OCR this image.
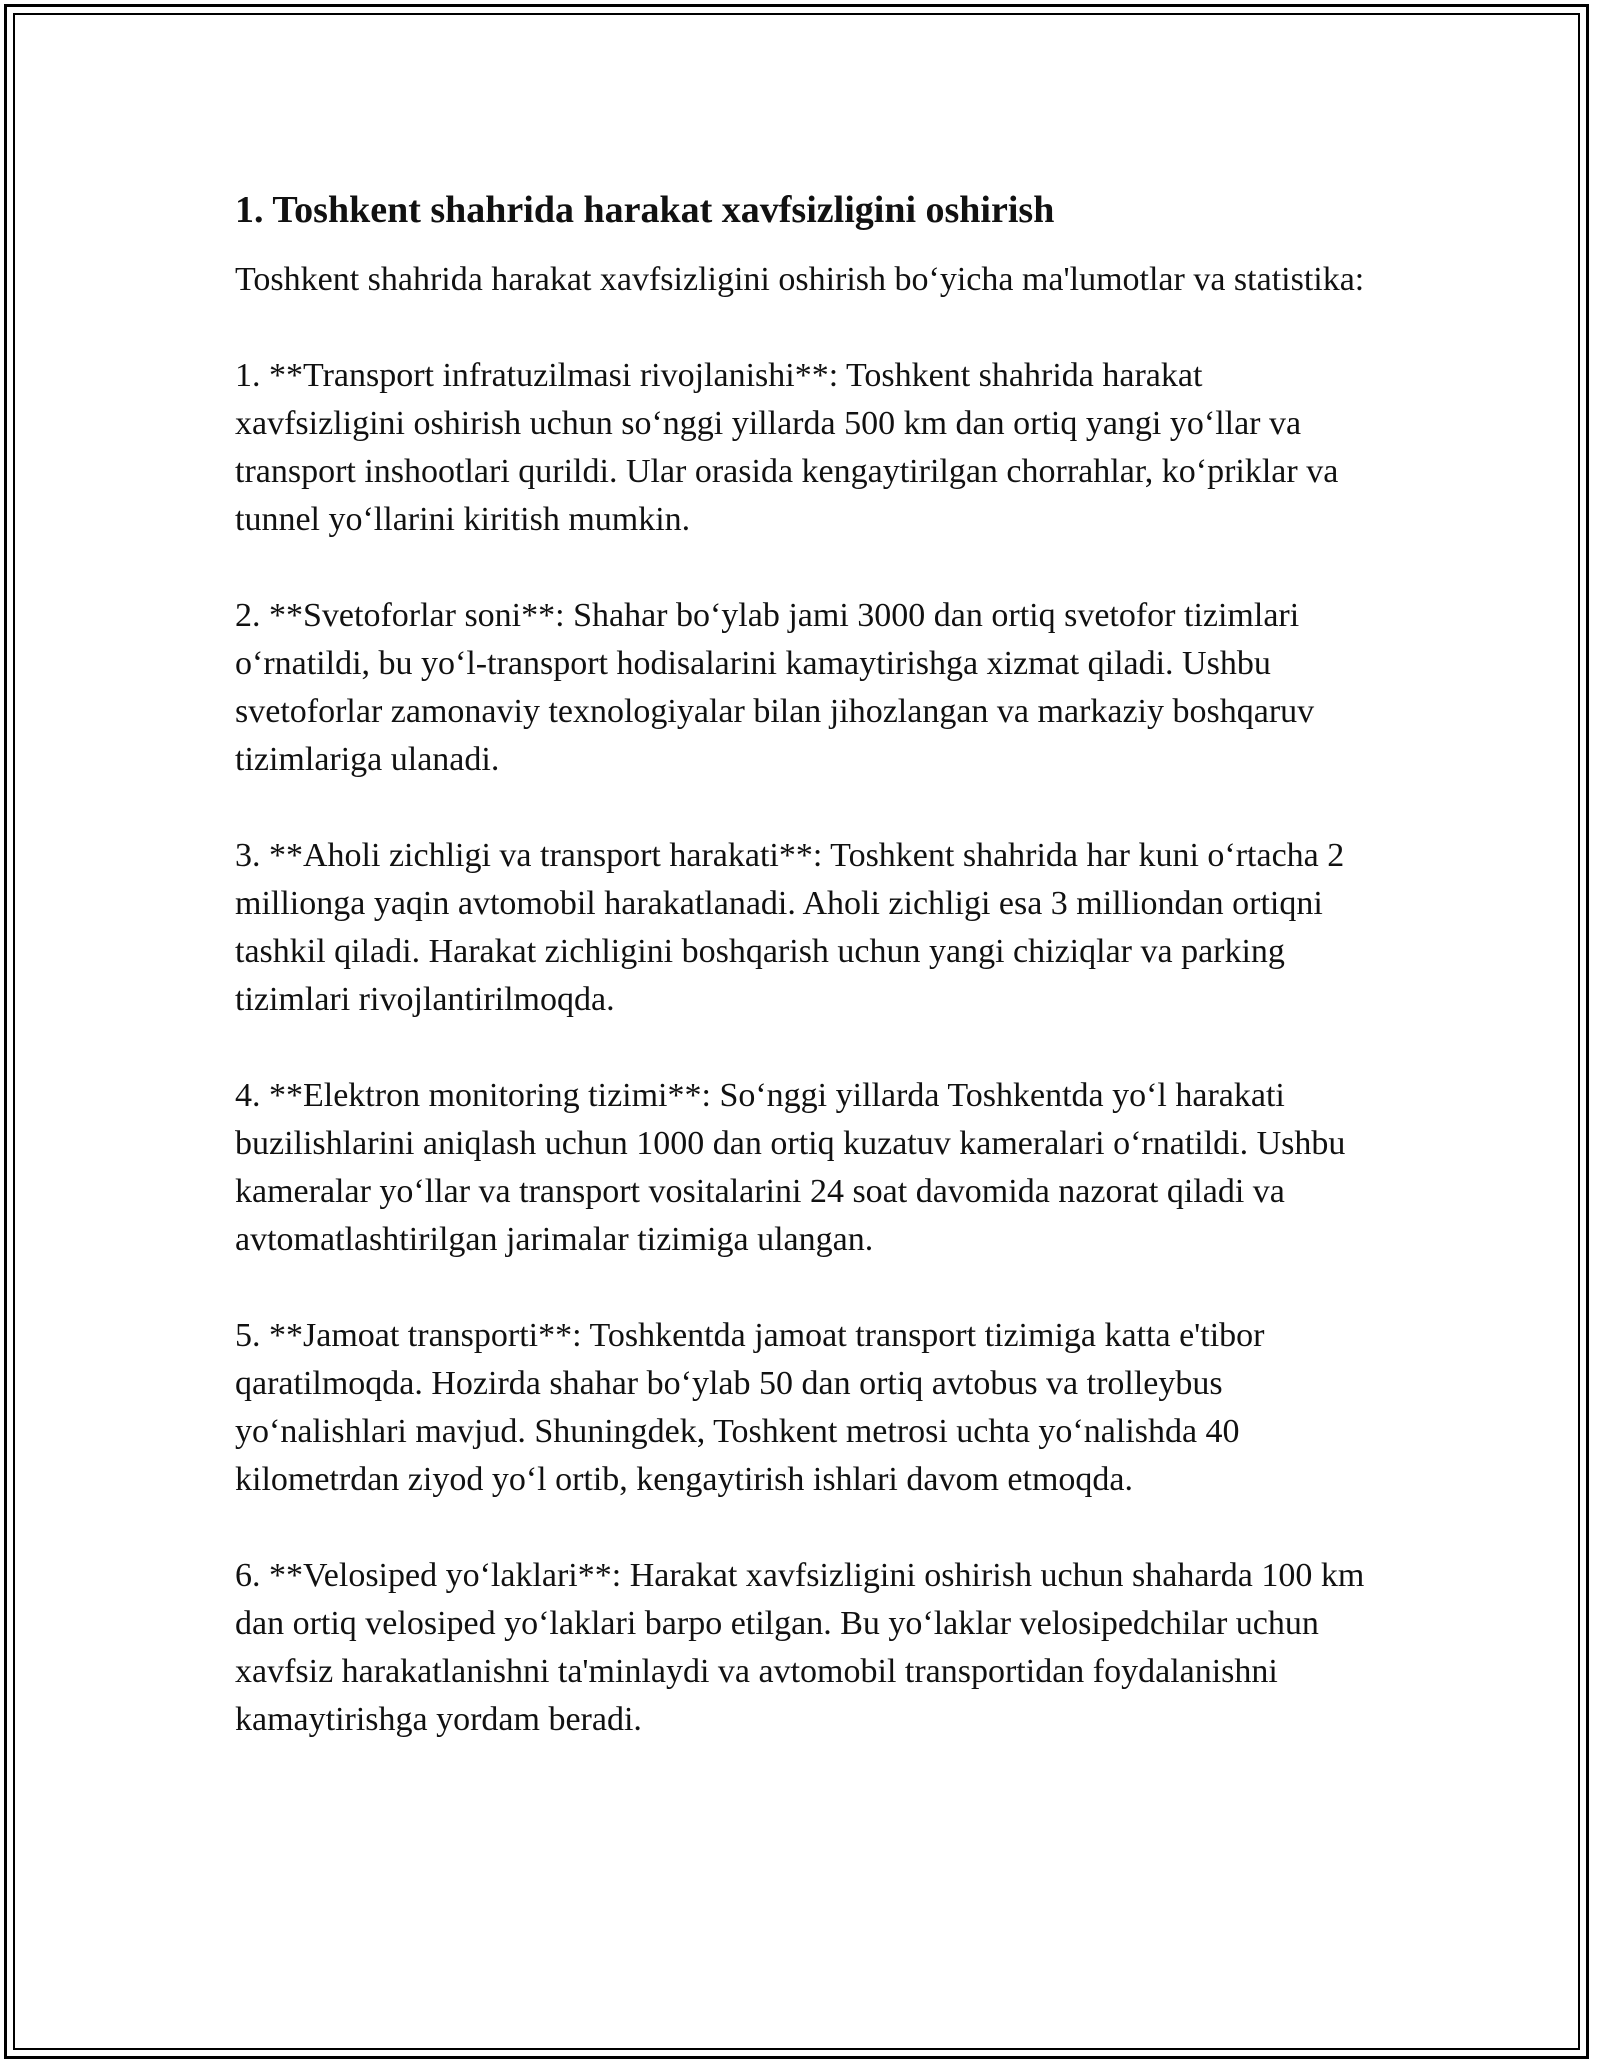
1. Toshkent shahrida harakat xavfsizligini oshirish

Toshkent shahrida harakat xavfsizligini oshirish bo‘yicha ma'lumotlar va statistika:

1. **Transport infratuzilmasi rivojlanishi**: Toshkent shahrida harakat xavfsizligini oshirish uchun so‘nggi yillarda 500 km dan ortiq yangi yo‘llar va transport inshootlari qurildi. Ular orasida kengaytirilgan chorrahlar, ko‘priklar va tunnel yo‘llarini kiritish mumkin.

2. **Svetoforlar soni**: Shahar bo‘ylab jami 3000 dan ortiq svetofor tizimlari o‘rnatildi, bu yo‘l-transport hodisalarini kamaytirishga xizmat qiladi. Ushbu svetoforlar zamonaviy texnologiyalar bilan jihozlangan va markaziy boshqaruv tizimlariga ulanadi.

3. **Aholi zichligi va transport harakati**: Toshkent shahrida har kuni o‘rtacha 2 millionga yaqin avtomobil harakatlanadi. Aholi zichligi esa 3 milliondan ortiqni tashkil qiladi. Harakat zichligini boshqarish uchun yangi chiziqlar va parking tizimlari rivojlantirilmoqda.

4. **Elektron monitoring tizimi**: So‘nggi yillarda Toshkentda yo‘l harakati buzilishlarini aniqlash uchun 1000 dan ortiq kuzatuv kameralari o‘rnatildi. Ushbu kameralar yo‘llar va transport vositalarini 24 soat davomida nazorat qiladi va avtomatlashtirilgan jarimalar tizimiga ulangan.

5. **Jamoat transporti**: Toshkentda jamoat transport tizimiga katta e'tibor qaratilmoqda. Hozirda shahar bo‘ylab 50 dan ortiq avtobus va trolleybus yo‘nalishlari mavjud. Shuningdek, Toshkent metrosi uchta yo‘nalishda 40 kilometrdan ziyod yo‘l ortib, kengaytirish ishlari davom etmoqda.

6. **Velosiped yo‘laklari**: Harakat xavfsizligini oshirish uchun shaharda 100 km dan ortiq velosiped yo‘laklari barpo etilgan. Bu yo‘laklar velosipedchilar uchun xavfsiz harakatlanishni ta'minlaydi va avtomobil transportidan foydalanishni kamaytirishga yordam beradi.
